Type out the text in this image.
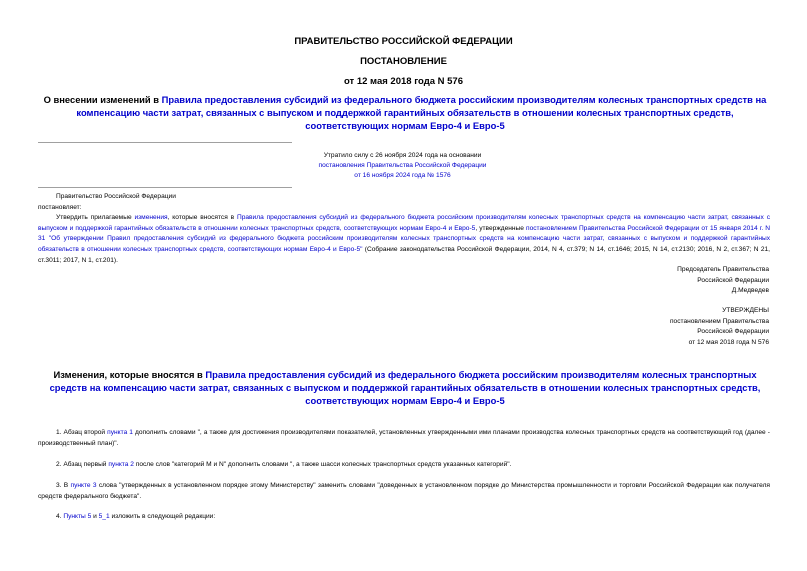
ПРАВИТЕЛЬСТВО РОССИЙСКОЙ ФЕДЕРАЦИИ
ПОСТАНОВЛЕНИЕ
от 12 мая 2018 года N 576
О внесении изменений в Правила предоставления субсидий из федерального бюджета российским производителям колесных транспортных средств на компенсацию части затрат, связанных с выпуском и поддержкой гарантийных обязательств в отношении колесных транспортных средств, соответствующих нормам Евро-4 и Евро-5
Утратило силу с 26 ноября 2024 года на основании
постановления Правительства Российской Федерации
от 16 ноября 2024 года № 1576
Правительство Российской Федерации
постановляет:
Утвердить прилагаемые изменения, которые вносятся в Правила предоставления субсидий из федерального бюджета российским производителям колесных транспортных средств на компенсацию части затрат, связанных с выпуском и поддержкой гарантийных обязательств в отношении колесных транспортных средств, соответствующих нормам Евро-4 и Евро-5, утвержденные постановлением Правительства Российской Федерации от 15 января 2014 г. N 31 "Об утверждении Правил предоставления субсидий из федерального бюджета российским производителям колесных транспортных средств на компенсацию части затрат, связанных с выпуском и поддержкой гарантийных обязательств в отношении колесных транспортных средств, соответствующих нормам Евро-4 и Евро-5" (Собрание законодательства Российской Федерации, 2014, N 4, ст.379; N 14, ст.1646; 2015, N 14, ст.2130; 2016, N 2, ст.367; N 21, ст.3011; 2017, N 1, ст.201).
Председатель Правительства
Российской Федерации
Д.Медведев
УТВЕРЖДЕНЫ
постановлением Правительства
Российской Федерации
от 12 мая 2018 года N 576
Изменения, которые вносятся в Правила предоставления субсидий из федерального бюджета российским производителям колесных транспортных средств на компенсацию части затрат, связанных с выпуском и поддержкой гарантийных обязательств в отношении колесных транспортных средств, соответствующих нормам Евро-4 и Евро-5
1. Абзац второй пункта 1 дополнить словами ", а также для достижения производителями показателей, установленных утвержденными ими планами производства колесных транспортных средств на соответствующий год (далее - производственный план)".
2. Абзац первый пункта 2 после слов "категорий M и N" дополнить словами ", а также шасси колесных транспортных средств указанных категорий".
3. В пункте 3 слова "утвержденных в установленном порядке этому Министерству" заменить словами "доведенных в установленном порядке до Министерства промышленности и торговли Российской Федерации как получателя средств федерального бюджета".
4. Пункты 5 и 5_1 изложить в следующей редакции:
